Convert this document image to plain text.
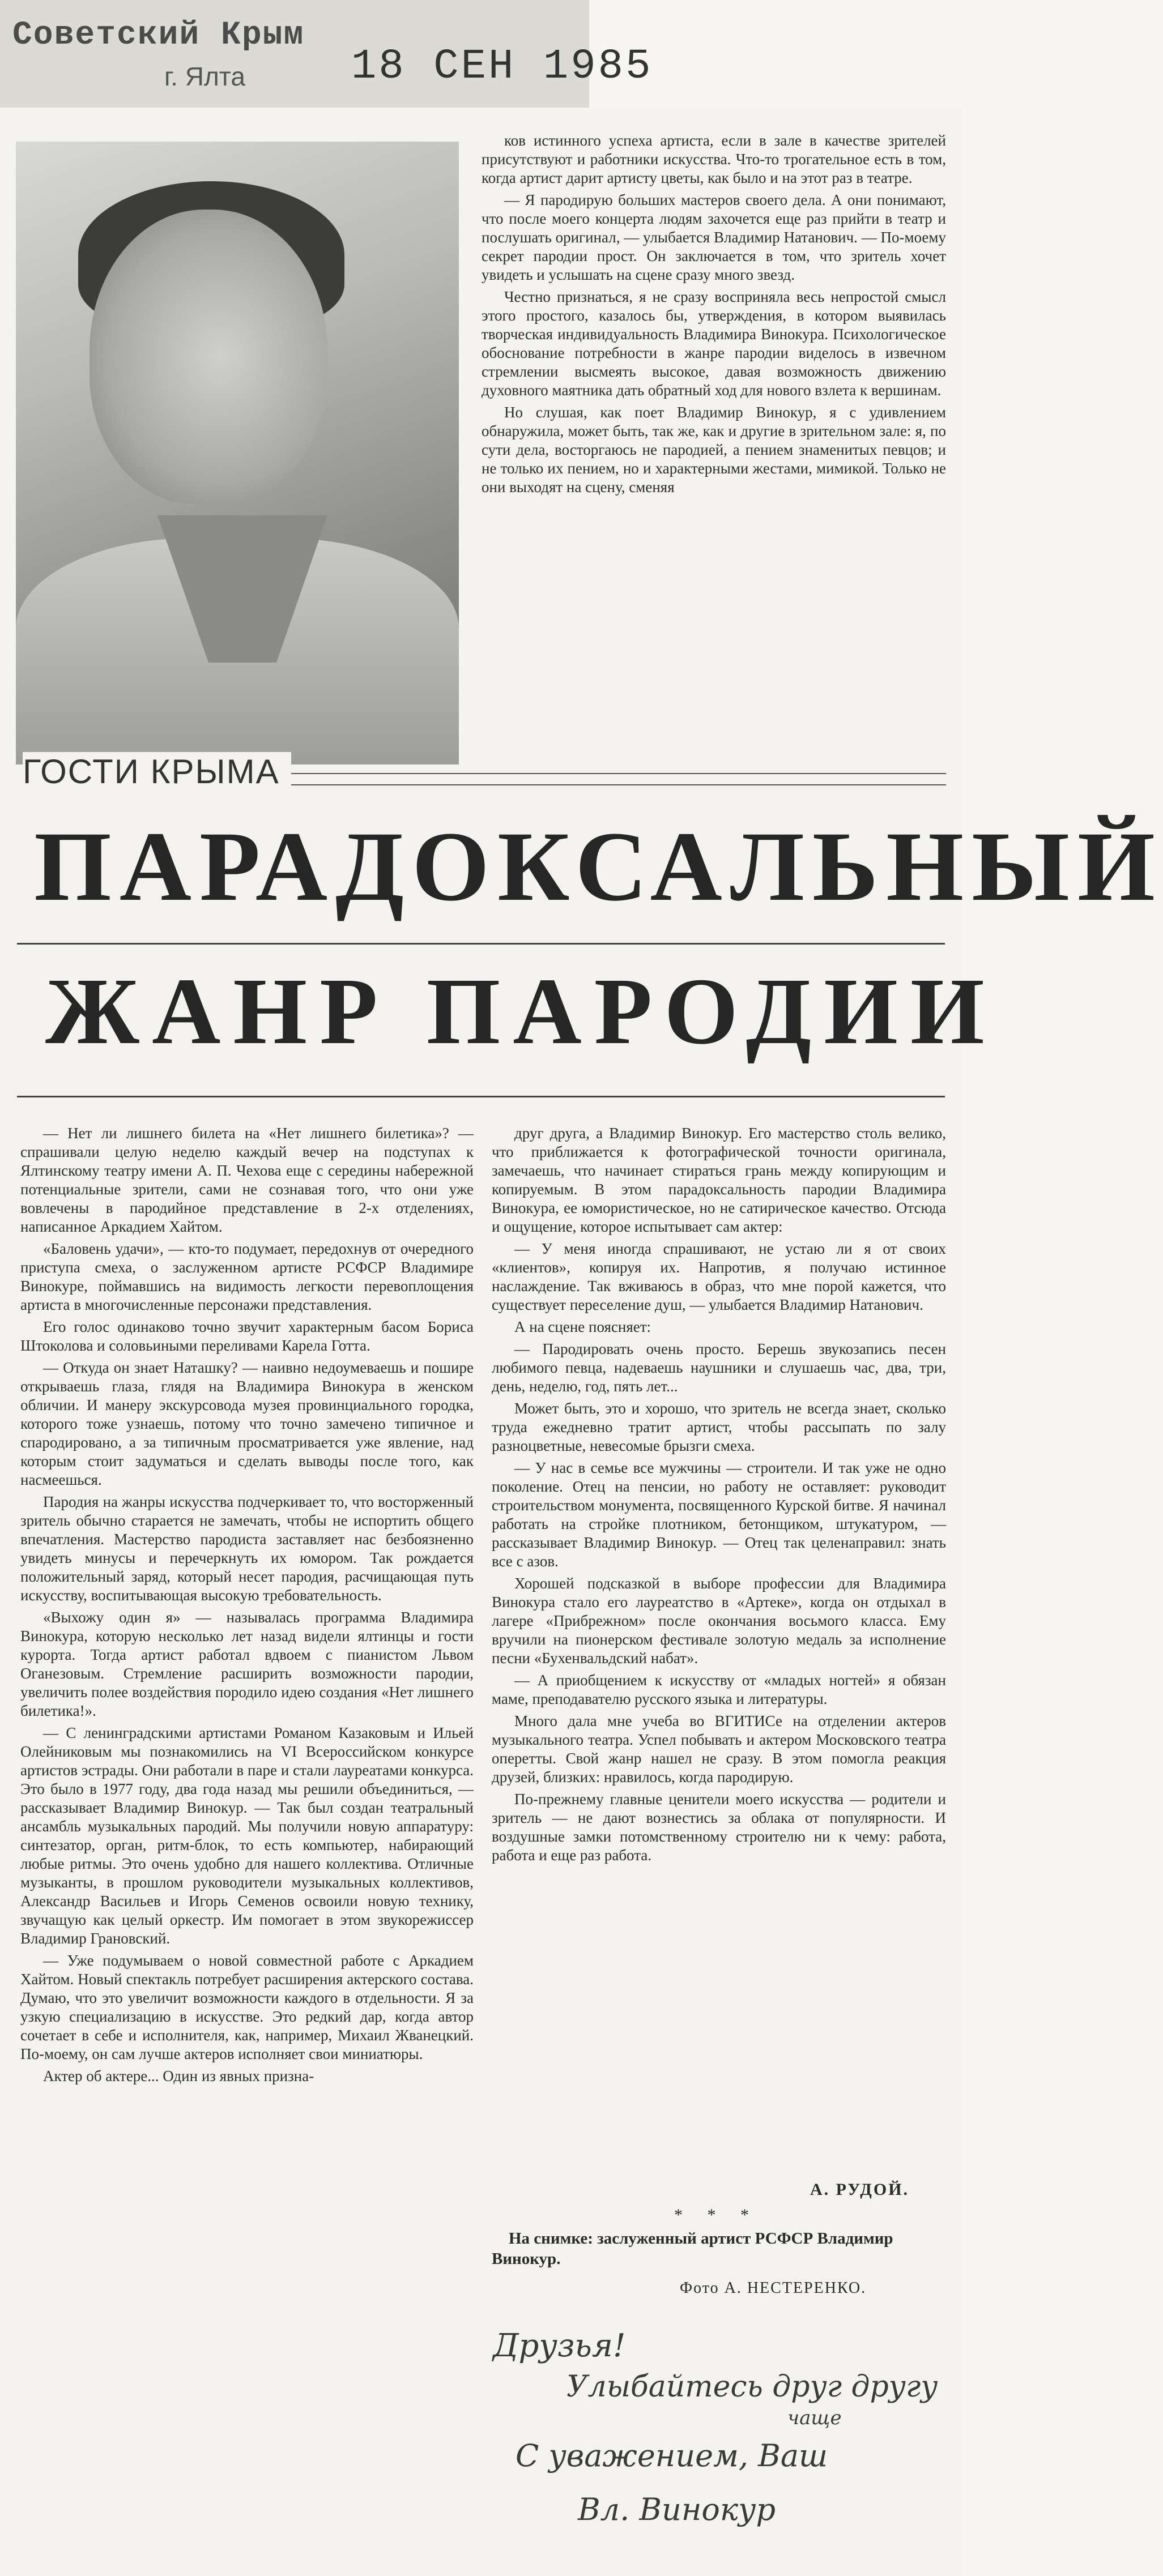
Советский Крым
г. Ялта	18 СЕН 1985

ков истинного успеха артиста, если в зале в качестве зрителей присутствуют и работники искусства. Что-то трогательное есть в том, когда артист дарит артисту цветы, как было и на этот раз в театре.

— Я пародирую больших мастеров своего дела. А они понимают, что после моего концерта людям захочется еще раз прийти в театр и послушать оригинал, — улыбается Владимир Натанович. — По-моему секрет пародии прост. Он заключается в том, что зритель хочет увидеть и услышать на сцене сразу много звезд.

Честно признаться, я не сразу восприняла весь непростой смысл этого простого, казалось бы, утверждения, в котором выявилась творческая индивидуальность Владимира Винокура. Психологическое обоснование потребности в жанре пародии виделось в извечном стремлении высмеять высокое, давая возможность движению духовного маятника дать обратный ход для нового взлета к вершинам.

Но слушая, как поет Владимир Винокур, я с удивлением обнаружила, может быть, так же, как и другие в зрительном зале: я, по сути дела, восторгаюсь не пародией, а пением знаменитых певцов; и не только их пением, но и характерными жестами, мимикой. Только не они выходят на сцену, сменяя

ГОСТИ КРЫМА
ПАРАДОКСАЛЬНЫЙ
ЖАНР ПАРОДИИ

— Нет ли лишнего билета на «Нет лишнего билетика»? — спрашивали целую неделю каждый вечер на подступах к Ялтинскому театру имени А. П. Чехова еще с середины набережной потенциальные зрители, сами не сознавая того, что они уже вовлечены в пародийное представление в 2-х отделениях, написанное Аркадием Хайтом.

«Баловень удачи», — кто-то подумает, передохнув от очередного приступа смеха, о заслуженном артисте РСФСР Владимире Винокуре, поймавшись на видимость легкости перевоплощения артиста в многочисленные персонажи представления.

Его голос одинаково точно звучит характерным басом Бориса Штоколова и соловьиными переливами Карела Готта.

— Откуда он знает Наташку? — наивно недоумеваешь и пошире открываешь глаза, глядя на Владимира Винокура в женском обличии. И манеру экскурсовода музея провинциального городка, которого тоже узнаешь, потому что точно замечено типичное и спародировано, а за типичным просматривается уже явление, над которым стоит задуматься и сделать выводы после того, как насмеешься.

Пародия на жанры искусства подчеркивает то, что восторженный зритель обычно старается не замечать, чтобы не испортить общего впечатления. Мастерство пародиста заставляет нас безбоязненно увидеть минусы и перечеркнуть их юмором. Так рождается положительный заряд, который несет пародия, расчищающая путь искусству, воспитывающая высокую требовательность.

«Выхожу один я» — называлась программа Владимира Винокура, которую несколько лет назад видели ялтинцы и гости курорта. Тогда артист работал вдвоем с пианистом Львом Оганезовым. Стремление расширить возможности пародии, увеличить полее воздействия породило идею создания «Нет лишнего билетика!».

— С ленинградскими артистами Романом Казаковым и Ильей Олейниковым мы познакомились на VI Всероссийском конкурсе артистов эстрады. Они работали в паре и стали лауреатами конкурса. Это было в 1977 году, два года назад мы решили объединиться, — рассказывает Владимир Винокур. — Так был создан театральный ансамбль музыкальных пародий. Мы получили новую аппаратуру: синтезатор, орган, ритм-блок, то есть компьютер, набирающий любые ритмы. Это очень удобно для нашего коллектива. Отличные музыканты, в прошлом руководители музыкальных коллективов, Александр Васильев и Игорь Семенов освоили новую технику, звучащую как целый оркестр. Им помогает в этом звукорежиссер Владимир Грановский.

— Уже подумываем о новой совместной работе с Аркадием Хайтом. Новый спектакль потребует расширения актерского состава. Думаю, что это увеличит возможности каждого в отдельности. Я за узкую специализацию в искусстве. Это редкий дар, когда автор сочетает в себе и исполнителя, как, например, Михаил Жванецкий. По-моему, он сам лучше актеров исполняет свои миниатюры.

Актер об актере... Один из явных призна-

друг друга, а Владимир Винокур. Его мастерство столь велико, что приближается к фотографической точности оригинала, замечаешь, что начинает стираться грань между копирующим и копируемым. В этом парадоксальность пародии Владимира Винокура, ее юмористическое, но не сатирическое качество. Отсюда и ощущение, которое испытывает сам актер:

— У меня иногда спрашивают, не устаю ли я от своих «клиентов», копируя их. Напротив, я получаю истинное наслаждение. Так вживаюсь в образ, что мне порой кажется, что существует переселение душ, — улыбается Владимир Натанович.

А на сцене поясняет:

— Пародировать очень просто. Берешь звукозапись песен любимого певца, надеваешь наушники и слушаешь час, два, три, день, неделю, год, пять лет...

Может быть, это и хорошо, что зритель не всегда знает, сколько труда ежедневно тратит артист, чтобы рассыпать по залу разноцветные, невесомые брызги смеха.

— У нас в семье все мужчины — строители. И так уже не одно поколение. Отец на пенсии, но работу не оставляет: руководит строительством монумента, посвященного Курской битве. Я начинал работать на стройке плотником, бетонщиком, штукатуром, — рассказывает Владимир Винокур. — Отец так целенаправил: знать все с азов.

Хорошей подсказкой в выборе профессии для Владимира Винокура стало его лауреатство в «Артеке», когда он отдыхал в лагере «Прибрежном» после окончания восьмого класса. Ему вручили на пионерском фестивале золотую медаль за исполнение песни «Бухенвальдский набат».

— А приобщением к искусству от «младых ногтей» я обязан маме, преподавателю русского языка и литературы.

Много дала мне учеба во ВГИТИСе на отделении актеров музыкального театра. Успел побывать и актером Московского театра оперетты. Свой жанр нашел не сразу. В этом помогла реакция друзей, близких: нравилось, когда пародирую.

По-прежнему главные ценители моего искусства — родители и зритель — не дают вознестись за облака от популярности. И воздушные замки потомственному строителю ни к чему: работа, работа и еще раз работа.

А. РУДОЙ.
* * *
На снимке: заслуженный артист РСФСР Владимир Винокур.
Фото А. НЕСТЕРЕНКО.
Друзья!
Улыбайтесь друг другу
чаще
С уважением, Ваш
Вл. Винокур
